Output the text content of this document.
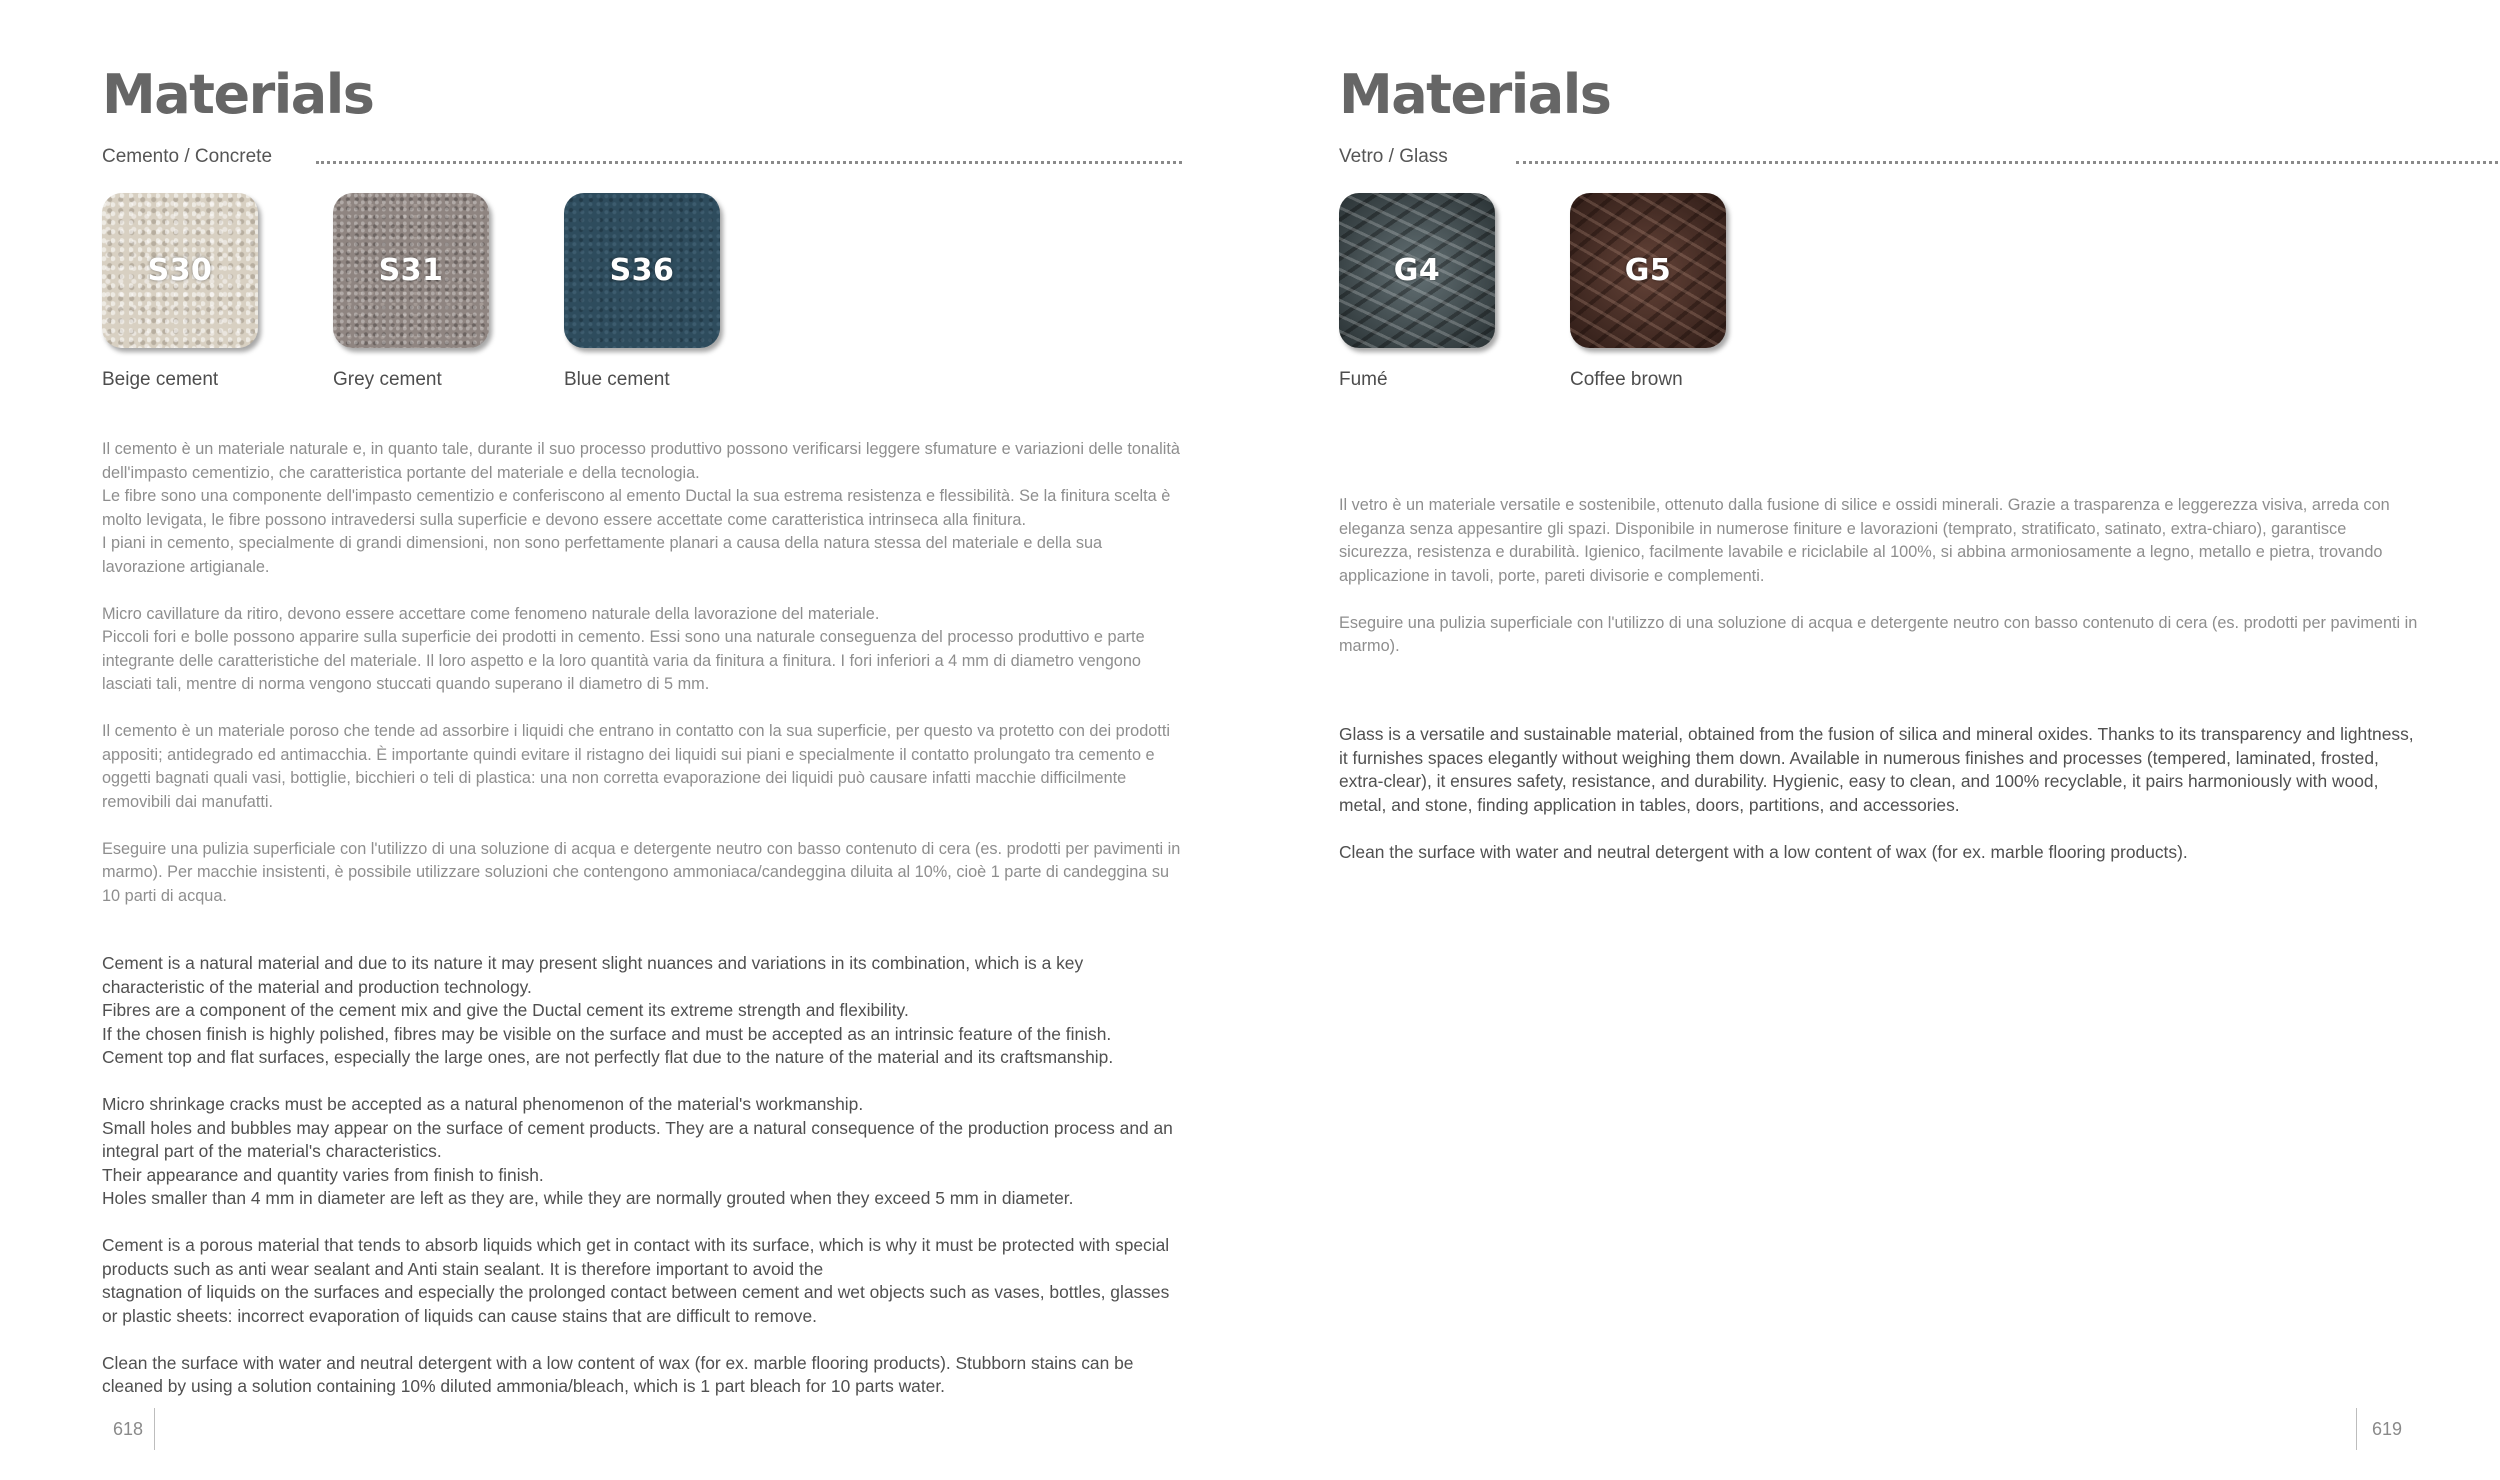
Materials
Cemento / Concrete
S30
Beige cement
S31
Grey cement
S36
Blue cement

Il cemento è un materiale naturale e, in quanto tale, durante il suo processo produttivo possono verificarsi leggere sfumature e variazioni delle tonalità dell'impasto cementizio, che caratteristica portante del materiale e della tecnologia.

Le fibre sono una componente dell'impasto cementizio e conferiscono al emento Ductal la sua estrema resistenza e flessibilità. Se la finitura scelta è molto levigata, le fibre possono intravedersi sulla superficie e devono essere accettate come caratteristica intrinseca alla finitura.

I piani in cemento, specialmente di grandi dimensioni, non sono perfettamente planari a causa della natura stessa del materiale e della sua lavorazione artigianale.

Micro cavillature da ritiro, devono essere accettare come fenomeno naturale della lavorazione del materiale.

Piccoli fori e bolle possono apparire sulla superficie dei prodotti in cemento. Essi sono una naturale conseguenza del processo produttivo e parte integrante delle caratteristiche del materiale. Il loro aspetto e la loro quantità varia da finitura a finitura. I fori inferiori a 4 mm di diametro vengono lasciati tali, mentre di norma vengono stuccati quando superano il diametro di 5 mm.

Il cemento è un materiale poroso che tende ad assorbire i liquidi che entrano in contatto con la sua superficie, per questo va protetto con dei prodotti appositi; antidegrado ed antimacchia. È importante quindi evitare il ristagno dei liquidi sui piani e specialmente il contatto prolungato tra cemento e oggetti bagnati quali vasi, bottiglie, bicchieri o teli di plastica: una non corretta evaporazione dei liquidi può causare infatti macchie difficilmente removibili dai manufatti.

Eseguire una pulizia superficiale con l'utilizzo di una soluzione di acqua e detergente neutro con basso contenuto di cera (es. prodotti per pavimenti in marmo). Per macchie insistenti, è possibile utilizzare soluzioni che contengono ammoniaca/candeggina diluita al 10%, cioè 1 parte di candeggina su 10 parti di acqua.

Cement is a natural material and due to its nature it may present slight nuances and variations in its combination, which is a key characteristic of the material and production technology.

Fibres are a component of the cement mix and give the Ductal cement its extreme strength and flexibility.

If the chosen finish is highly polished, fibres may be visible on the surface and must be accepted as an intrinsic feature of the finish.

Cement top and flat surfaces, especially the large ones, are not perfectly flat due to the nature of the material and its craftsmanship.

Micro shrinkage cracks must be accepted as a natural phenomenon of the material's workmanship.

Small holes and bubbles may appear on the surface of cement products. They are a natural consequence of the production process and an integral part of the material's characteristics.

Their appearance and quantity varies from finish to finish.

Holes smaller than 4 mm in diameter are left as they are, while they are normally grouted when they exceed 5 mm in diameter.

Cement is a porous material that tends to absorb liquids which get in contact with its surface, which is why it must be protected with special products such as anti wear sealant and Anti stain sealant. It is therefore important to avoid the

stagnation of liquids on the surfaces and especially the prolonged contact between cement and wet objects such as vases, bottles, glasses or plastic sheets: incorrect evaporation of liquids can cause stains that are difficult to remove.

Clean the surface with water and neutral detergent with a low content of wax (for ex. marble flooring products). Stubborn stains can be cleaned by using a solution containing 10% diluted ammonia/bleach, which is 1 part bleach for 10 parts water.

618
Materials
Vetro / Glass
G4
Fumé
G5
Coffee brown

Il vetro è un materiale versatile e sostenibile, ottenuto dalla fusione di silice e ossidi minerali. Grazie a trasparenza e leggerezza visiva, arreda con eleganza senza appesantire gli spazi. Disponibile in numerose finiture e lavorazioni (temprato, stratificato, satinato, extra-chiaro), garantisce sicurezza, resistenza e durabilità. Igienico, facilmente lavabile e riciclabile al 100%, si abbina armoniosamente a legno, metallo e pietra, trovando applicazione in tavoli, porte, pareti divisorie e complementi.

Eseguire una pulizia superficiale con l'utilizzo di una soluzione di acqua e detergente neutro con basso contenuto di cera (es. prodotti per pavimenti in marmo).

Glass is a versatile and sustainable material, obtained from the fusion of silica and mineral oxides. Thanks to its transparency and lightness, it furnishes spaces elegantly without weighing them down. Available in numerous finishes and processes (tempered, laminated, frosted, extra-clear), it ensures safety, resistance, and durability. Hygienic, easy to clean, and 100% recyclable, it pairs harmoniously with wood, metal, and stone, finding application in tables, doors, partitions, and accessories.

Clean the surface with water and neutral detergent with a low content of wax (for ex. marble flooring products).

619
